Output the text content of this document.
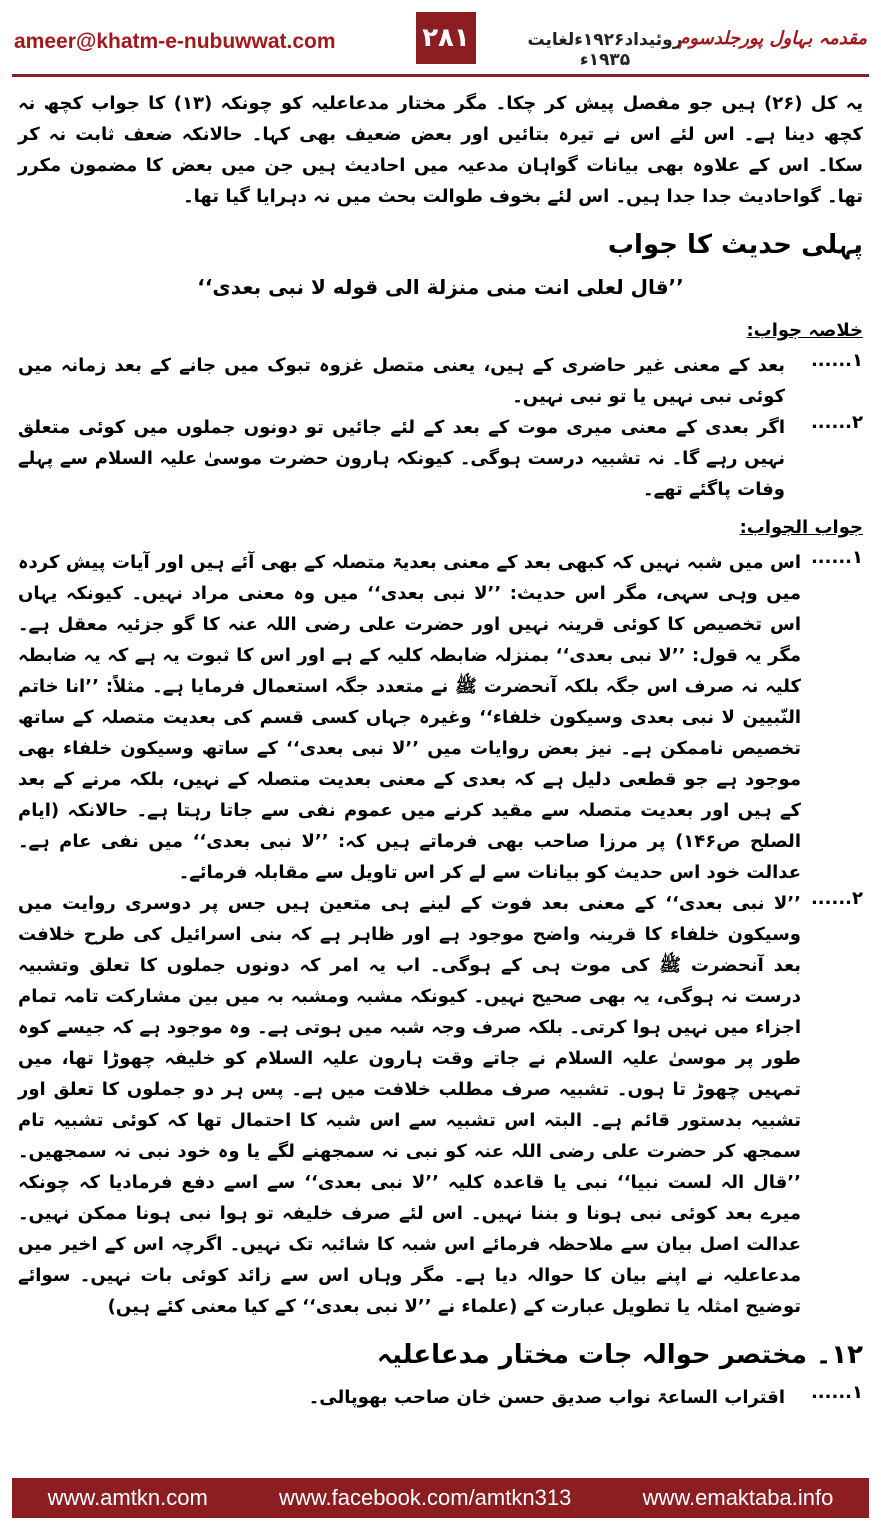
ameer@khatm-e-nubuwwat.com	۲۸۱	روئیداد۱۹۲۶ءلغایت ۱۹۳۵ء
مقدمہ بہاول پورجلدسوم

یہ کل (۲۶) ہیں جو مفصل پیش کر چکا۔ مگر مختار مدعاعلیہ کو چونکہ (۱۳) کا جواب کچھ نہ کچھ دینا ہے۔ اس لئے اس نے تیرہ بتائیں اور بعض ضعیف بھی کہا۔ حالانکہ ضعف ثابت نہ کر سکا۔ اس کے علاوہ بھی بیانات گواہان مدعیہ میں احادیث ہیں جن میں بعض کا مضمون مکرر تھا۔ گواحادیث جدا جدا ہیں۔ اس لئے بخوف طوالت بحث میں نہ دہرایا گیا تھا۔

پہلی حدیث کا جواب
’’قال لعلی انت منی منزلة الی قوله لا نبی بعدی‘‘
خلاصہ جواب:
۱......
بعد کے معنی غیر حاضری کے ہیں، یعنی متصل غزوہ تبوک میں جانے کے بعد زمانہ میں کوئی نبی نہیں یا تو نبی نہیں۔
۲......
اگر بعدی کے معنی میری موت کے بعد کے لئے جائیں تو دونوں جملوں میں کوئی متعلق نہیں رہے گا۔ نہ تشبیہ درست ہوگی۔ کیونکہ ہارون حضرت موسیٰ علیہ السلام سے پہلے وفات پاگئے تھے۔
جواب الجواب:
۱......
اس میں شبہ نہیں کہ کبھی بعد کے معنی بعدیۃ متصلہ کے بھی آئے ہیں اور آیات پیش کردہ میں وہی سہی، مگر اس حدیث: ’’لا نبی بعدی‘‘ میں وہ معنی مراد نہیں۔ کیونکہ یہاں اس تخصیص کا کوئی قرینہ نہیں اور حضرت علی رضی اللہ عنہ کا گو جزئیہ معقل ہے۔ مگر یہ قول: ’’لا نبی بعدی‘‘ بمنزلہ ضابطہ کلیہ کے ہے اور اس کا ثبوت یہ ہے کہ یہ ضابطہ کلیہ نہ صرف اس جگہ بلکہ آنحضرت ﷺ نے متعدد جگہ استعمال فرمایا ہے۔ مثلاً: ’’انا خاتم النّبیین لا نبی بعدی وسیکون خلفاء‘‘ وغیرہ جہاں کسی قسم کی بعدیت متصلہ کے ساتھ تخصیص ناممکن ہے۔ نیز بعض روایات میں ’’لا نبی بعدی‘‘ کے ساتھ وسیکون خلفاء بھی موجود ہے جو قطعی دلیل ہے کہ بعدی کے معنی بعدیت متصلہ کے نہیں، بلکہ مرنے کے بعد کے ہیں اور بعدیت متصلہ سے مقید کرنے میں عموم نفی سے جاتا رہتا ہے۔ حالانکہ (ایام الصلح ص۱۴۶) پر مرزا صاحب بھی فرماتے ہیں کہ: ’’لا نبی بعدی‘‘ میں نفی عام ہے۔ عدالت خود اس حدیث کو بیانات سے لے کر اس تاویل سے مقابلہ فرمائے۔
۲......
’’لا نبی بعدی‘‘ کے معنی بعد فوت کے لینے ہی متعین ہیں جس پر دوسری روایت میں وسیکون خلفاء کا قرینہ واضح موجود ہے اور ظاہر ہے کہ بنی اسرائیل کی طرح خلافت بعد آنحضرت ﷺ کی موت ہی کے ہوگی۔ اب یہ امر کہ دونوں جملوں کا تعلق وتشبیہ درست نہ ہوگی، یہ بھی صحیح نہیں۔ کیونکہ مشبہ ومشبہ بہ میں بین مشارکت تامہ تمام اجزاء میں نہیں ہوا کرتی۔ بلکہ صرف وجہ شبہ میں ہوتی ہے۔ وہ موجود ہے کہ جیسے کوہ طور پر موسیٰ علیہ السلام نے جاتے وقت ہارون علیہ السلام کو خلیفہ چھوڑا تھا، میں تمہیں چھوڑ تا ہوں۔ تشبیہ صرف مطلب خلافت میں ہے۔ پس ہر دو جملوں کا تعلق اور تشبیہ بدستور قائم ہے۔ البتہ اس تشبیہ سے اس شبہ کا احتمال تھا کہ کوئی تشبیہ تام سمجھ کر حضرت علی رضی اللہ عنہ کو نبی نہ سمجھنے لگے یا وہ خود نبی نہ سمجھیں۔ ’’قال الہ لست نبیا‘‘ نبی یا قاعدہ کلیہ ’’لا نبی بعدی‘‘ سے اسے دفع فرمادیا کہ چونکہ میرے بعد کوئی نبی ہونا و بننا نہیں۔ اس لئے صرف خلیفہ تو ہوا نبی ہونا ممکن نہیں۔ عدالت اصل بیان سے ملاحظہ فرمائے اس شبہ کا شائبہ تک نہیں۔ اگرچہ اس کے اخیر میں مدعاعلیہ نے اپنے بیان کا حوالہ دیا ہے۔ مگر وہاں اس سے زائد کوئی بات نہیں۔ سوائے توضیح امثلہ یا تطویل عبارت کے (علماء نے ’’لا نبی بعدی‘‘ کے کیا معنی کئے ہیں)
۱۲۔ مختصر حوالہ جات مختار مدعاعلیہ
۱......
اقتراب الساعۃ نواب صدیق حسن خان صاحب بھوپالی۔
www.amtkn.com	www.facebook.com/amtkn313	www.emaktaba.info
